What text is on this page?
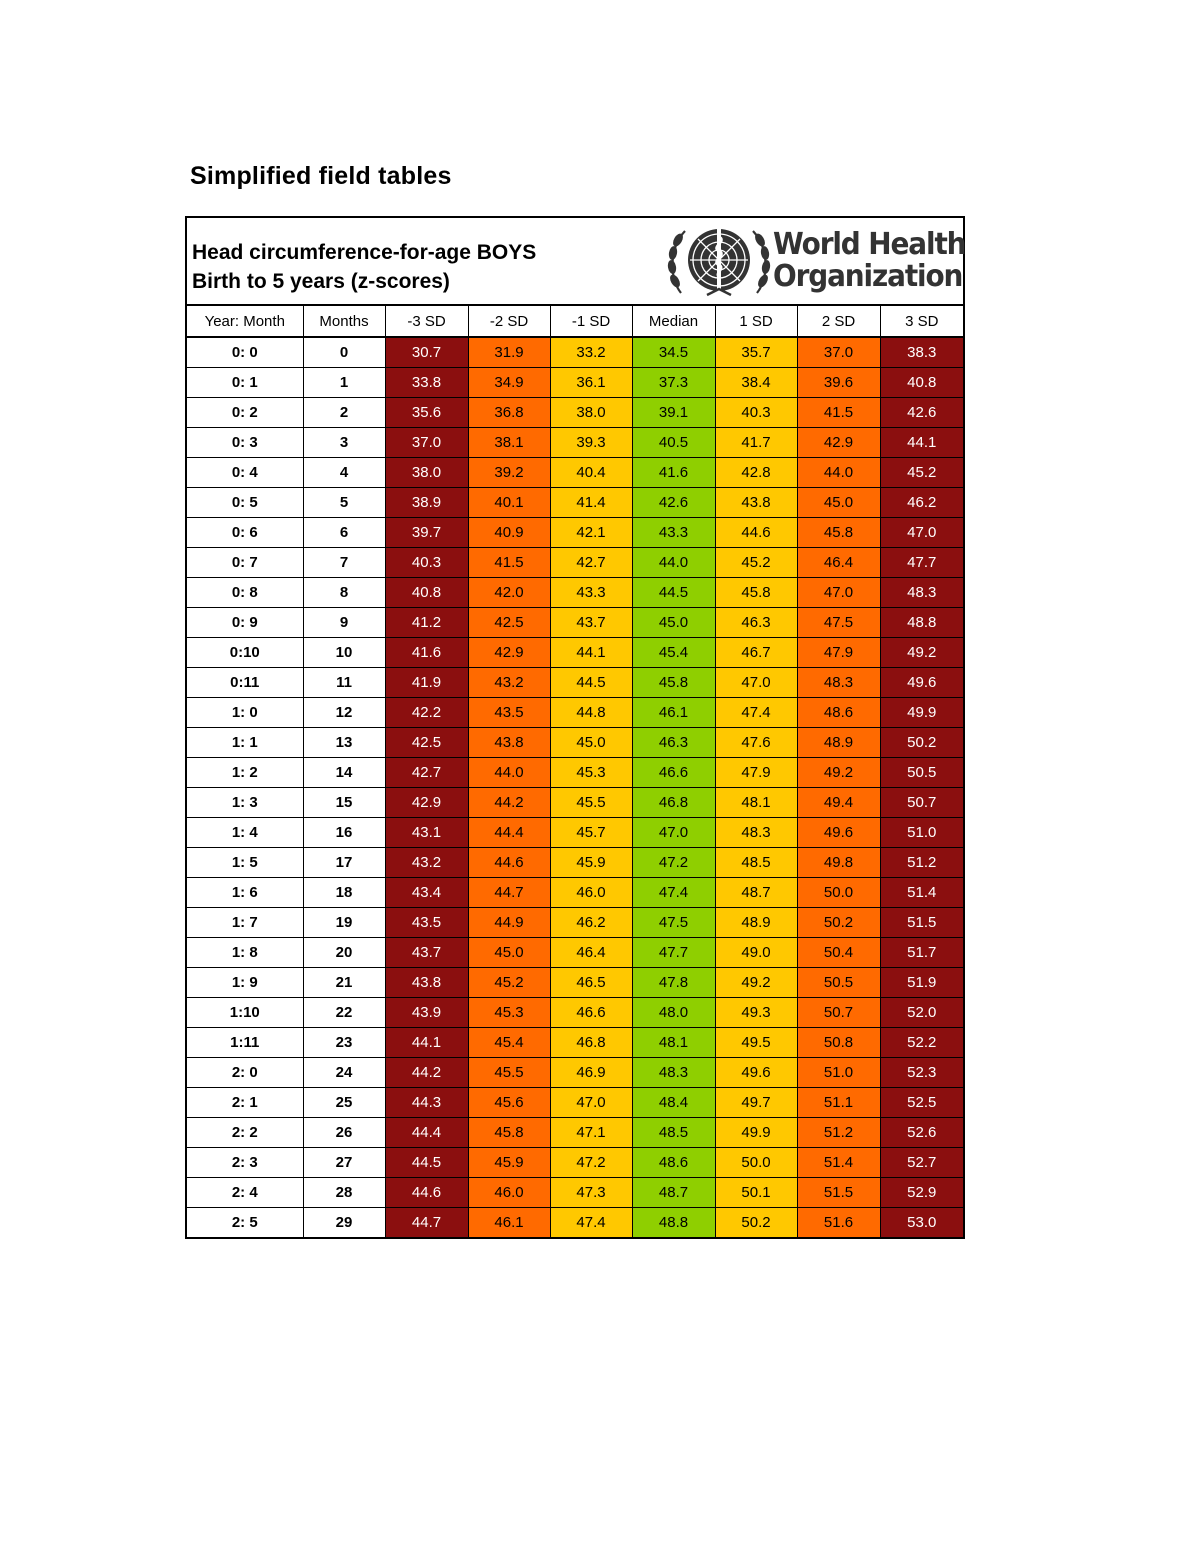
Simplified field tables
Head circumference-for-age BOYS
Birth to 5 years (z-scores)
World Health
Organization
Year: Month	Months	-3 SD	-2 SD	-1 SD	Median	1 SD	2 SD	3 SD
0: 0	0	30.7	31.9	33.2	34.5	35.7	37.0	38.3
0: 1	1	33.8	34.9	36.1	37.3	38.4	39.6	40.8
0: 2	2	35.6	36.8	38.0	39.1	40.3	41.5	42.6
0: 3	3	37.0	38.1	39.3	40.5	41.7	42.9	44.1
0: 4	4	38.0	39.2	40.4	41.6	42.8	44.0	45.2
0: 5	5	38.9	40.1	41.4	42.6	43.8	45.0	46.2
0: 6	6	39.7	40.9	42.1	43.3	44.6	45.8	47.0
0: 7	7	40.3	41.5	42.7	44.0	45.2	46.4	47.7
0: 8	8	40.8	42.0	43.3	44.5	45.8	47.0	48.3
0: 9	9	41.2	42.5	43.7	45.0	46.3	47.5	48.8
0:10	10	41.6	42.9	44.1	45.4	46.7	47.9	49.2
0:11	11	41.9	43.2	44.5	45.8	47.0	48.3	49.6
1: 0	12	42.2	43.5	44.8	46.1	47.4	48.6	49.9
1: 1	13	42.5	43.8	45.0	46.3	47.6	48.9	50.2
1: 2	14	42.7	44.0	45.3	46.6	47.9	49.2	50.5
1: 3	15	42.9	44.2	45.5	46.8	48.1	49.4	50.7
1: 4	16	43.1	44.4	45.7	47.0	48.3	49.6	51.0
1: 5	17	43.2	44.6	45.9	47.2	48.5	49.8	51.2
1: 6	18	43.4	44.7	46.0	47.4	48.7	50.0	51.4
1: 7	19	43.5	44.9	46.2	47.5	48.9	50.2	51.5
1: 8	20	43.7	45.0	46.4	47.7	49.0	50.4	51.7
1: 9	21	43.8	45.2	46.5	47.8	49.2	50.5	51.9
1:10	22	43.9	45.3	46.6	48.0	49.3	50.7	52.0
1:11	23	44.1	45.4	46.8	48.1	49.5	50.8	52.2
2: 0	24	44.2	45.5	46.9	48.3	49.6	51.0	52.3
2: 1	25	44.3	45.6	47.0	48.4	49.7	51.1	52.5
2: 2	26	44.4	45.8	47.1	48.5	49.9	51.2	52.6
2: 3	27	44.5	45.9	47.2	48.6	50.0	51.4	52.7
2: 4	28	44.6	46.0	47.3	48.7	50.1	51.5	52.9
2: 5	29	44.7	46.1	47.4	48.8	50.2	51.6	53.0
